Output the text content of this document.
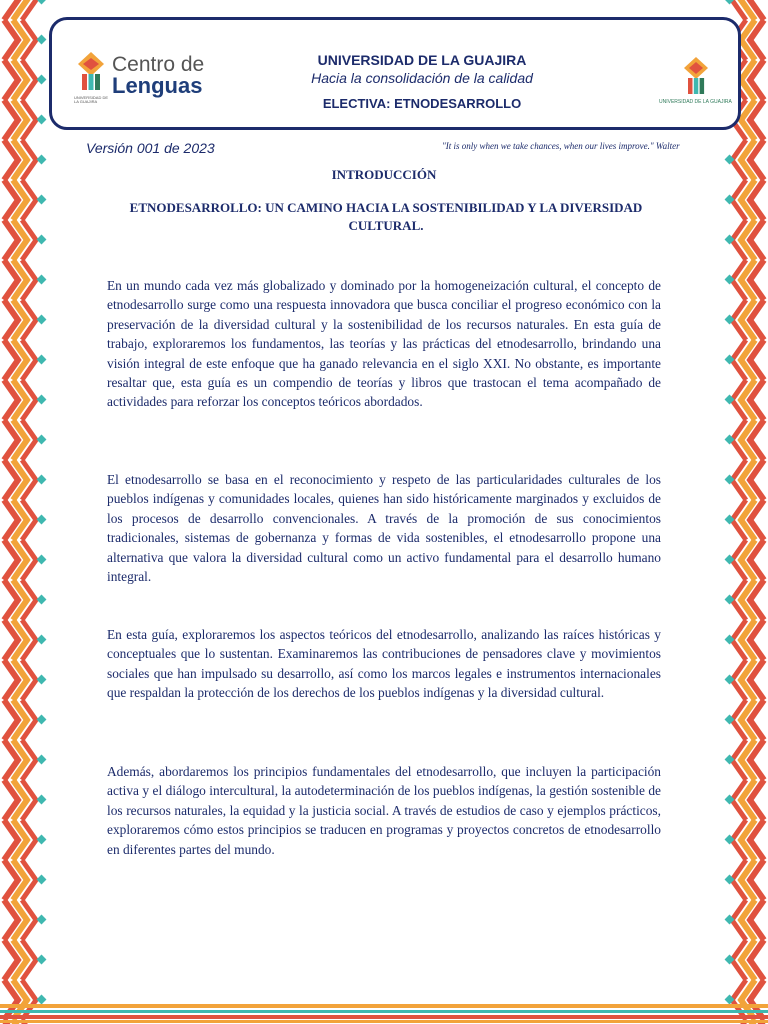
Centro de
Lenguas
UNIVERSIDAD DE LA GUAJIRA
UNIVERSIDAD DE LA GUAJIRA
Hacia la consolidación de la calidad
ELECTIVA: ETNODESARROLLO	UNIVERSIDAD DE LA GUAJIRA
Versión 001 de 2023	"It is only when we take chances, when our lives improve." Walter
INTRODUCCIÓN
ETNODESARROLLO: UN CAMINO HACIA LA SOSTENIBILIDAD Y LA DIVERSIDAD CULTURAL.

En un mundo cada vez más globalizado y dominado por la homogeneización cultural, el concepto de etnodesarrollo surge como una respuesta innovadora que busca conciliar el progreso económico con la preservación de la diversidad cultural y la sostenibilidad de los recursos naturales. En esta guía de trabajo, exploraremos los fundamentos, las teorías y las prácticas del etnodesarrollo, brindando una visión integral de este enfoque que ha ganado relevancia en el siglo XXI. No obstante, es importante resaltar que, esta guía es un compendio de teorías y libros que trastocan el tema acompañado de actividades para reforzar los conceptos teóricos abordados.

El etnodesarrollo se basa en el reconocimiento y respeto de las particularidades culturales de los pueblos indígenas y comunidades locales, quienes han sido históricamente marginados y excluidos de los procesos de desarrollo convencionales. A través de la promoción de sus conocimientos tradicionales, sistemas de gobernanza y formas de vida sostenibles, el etnodesarrollo propone una alternativa que valora la diversidad cultural como un activo fundamental para el desarrollo humano integral.

En esta guía, exploraremos los aspectos teóricos del etnodesarrollo, analizando las raíces históricas y conceptuales que lo sustentan. Examinaremos las contribuciones de pensadores clave y movimientos sociales que han impulsado su desarrollo, así como los marcos legales e instrumentos internacionales que respaldan la protección de los derechos de los pueblos indígenas y la diversidad cultural.

Además, abordaremos los principios fundamentales del etnodesarrollo, que incluyen la participación activa y el diálogo intercultural, la autodeterminación de los pueblos indígenas, la gestión sostenible de los recursos naturales, la equidad y la justicia social. A través de estudios de caso y ejemplos prácticos, exploraremos cómo estos principios se traducen en programas y proyectos concretos de etnodesarrollo en diferentes partes del mundo.
